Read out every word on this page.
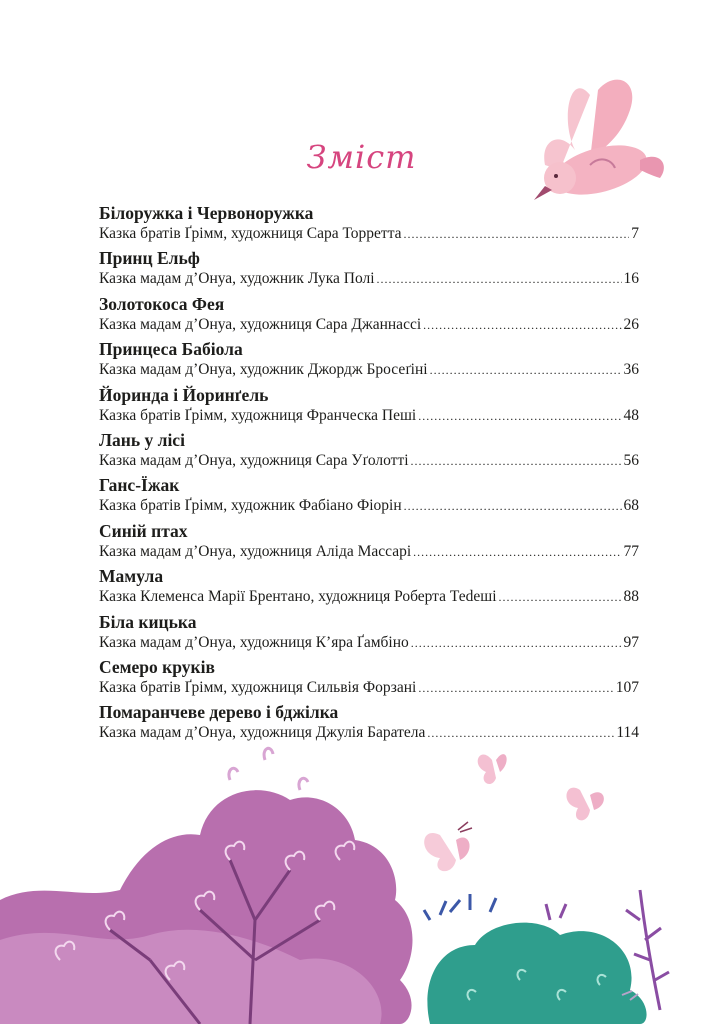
Зміст
Білоружка і Червоноружка
Казка братів Ґрімм, художниця Сара Торретта .....	7
Принц Ельф
Казка мадам д’Онуа, художник Лука Полі .....	16
Золотокоса Фея
Казка мадам д’Онуа, художниця Сара Джаннассі .....	26
Принцеса Бабіола
Казка мадам д’Онуа, художник Джордж Бросеґіні .....	36
Йоринда і Йоринґель
Казка братів Ґрімм, художниця Франческа Пеші .....	48
Лань у лісі
Казка мадам д’Онуа, художниця Сара Уґолотті .....	56
Ганс-Їжак
Казка братів Ґрімм, художник Фабіано Фіорін .....	68
Синій птах
Казка мадам д’Онуа, художниця Аліда Массарі .....	77
Мамула
Казка Клеменса Марії Брентано, художниця Роберта Теdeші .....	88
Біла кицька
Казка мадам д’Онуа, художниця К’яра Ґамбіно .....	97
Семеро круків
Казка братів Ґрімм, художниця Сильвія Форзані .....	107
Помаранчеве дерево і бджілка
Казка мадам д’Онуа, художниця Джулія Баратела .....	114
